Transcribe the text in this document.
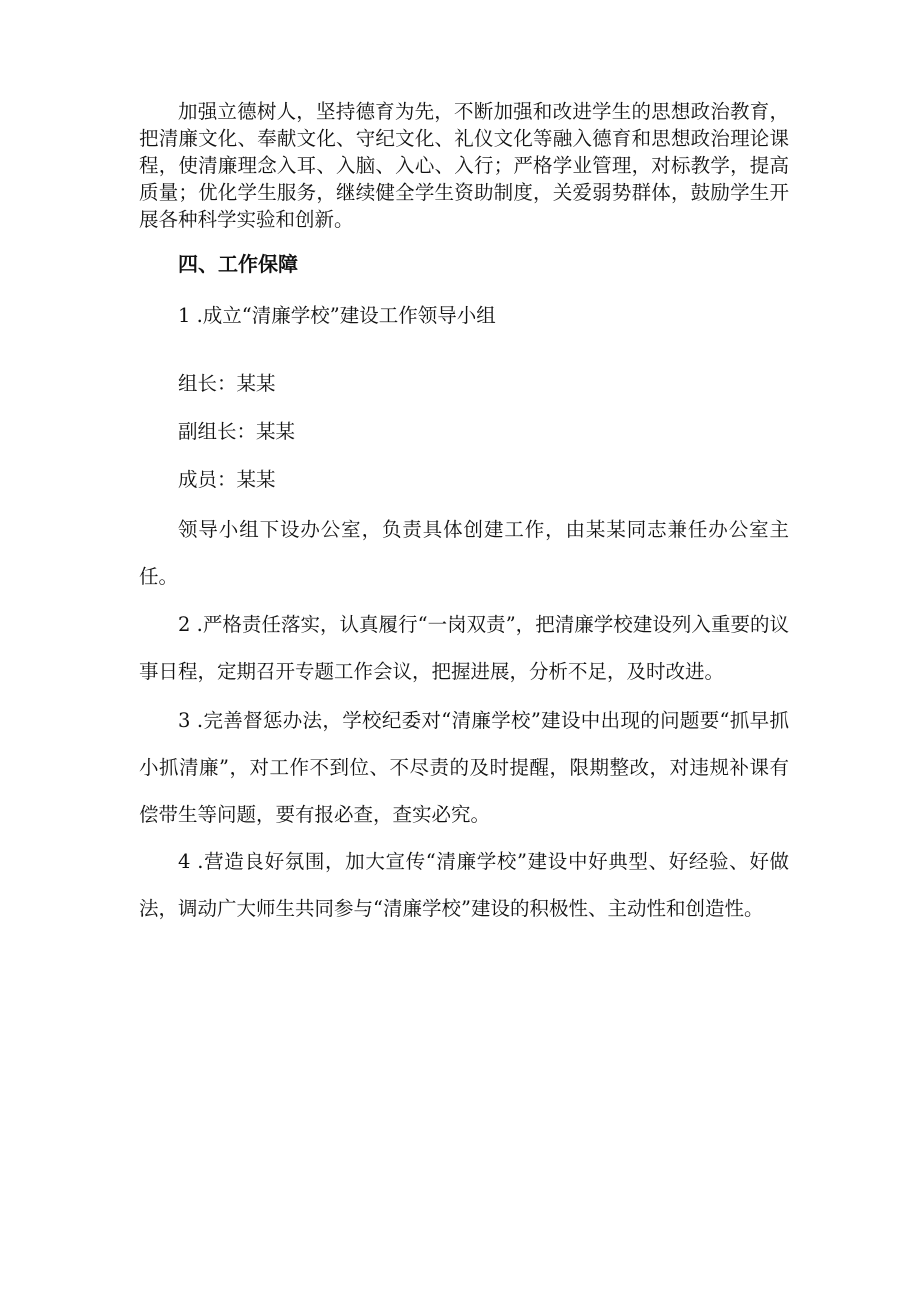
加强立德树人，坚持德育为先，不断加强和改进学生的思想政治教育，把清廉文化、奉献文化、守纪文化、礼仪文化等融入德育和思想政治理论课程，使清廉理念入耳、入脑、入心、入行；严格学业管理，对标教学，提高质量；优化学生服务，继续健全学生资助制度，关爱弱势群体，鼓励学生开展各种科学实验和创新。

四、工作保障

1 .成立“清廉学校”建设工作领导小组

组长：某某

副组长：某某

成员：某某

领导小组下设办公室，负责具体创建工作，由某某同志兼任办公室主任。

2 .严格责任落实，认真履行“一岗双责”，把清廉学校建设列入重要的议事日程，定期召开专题工作会议，把握进展，分析不足，及时改进。

3 .完善督惩办法，学校纪委对“清廉学校”建设中出现的问题要“抓早抓小抓清廉”，对工作不到位、不尽责的及时提醒，限期整改，对违规补课有偿带生等问题，要有报必查，查实必究。

4 .营造良好氛围，加大宣传“清廉学校”建设中好典型、好经验、好做法，调动广大师生共同参与“清廉学校”建设的积极性、主动性和创造性。
